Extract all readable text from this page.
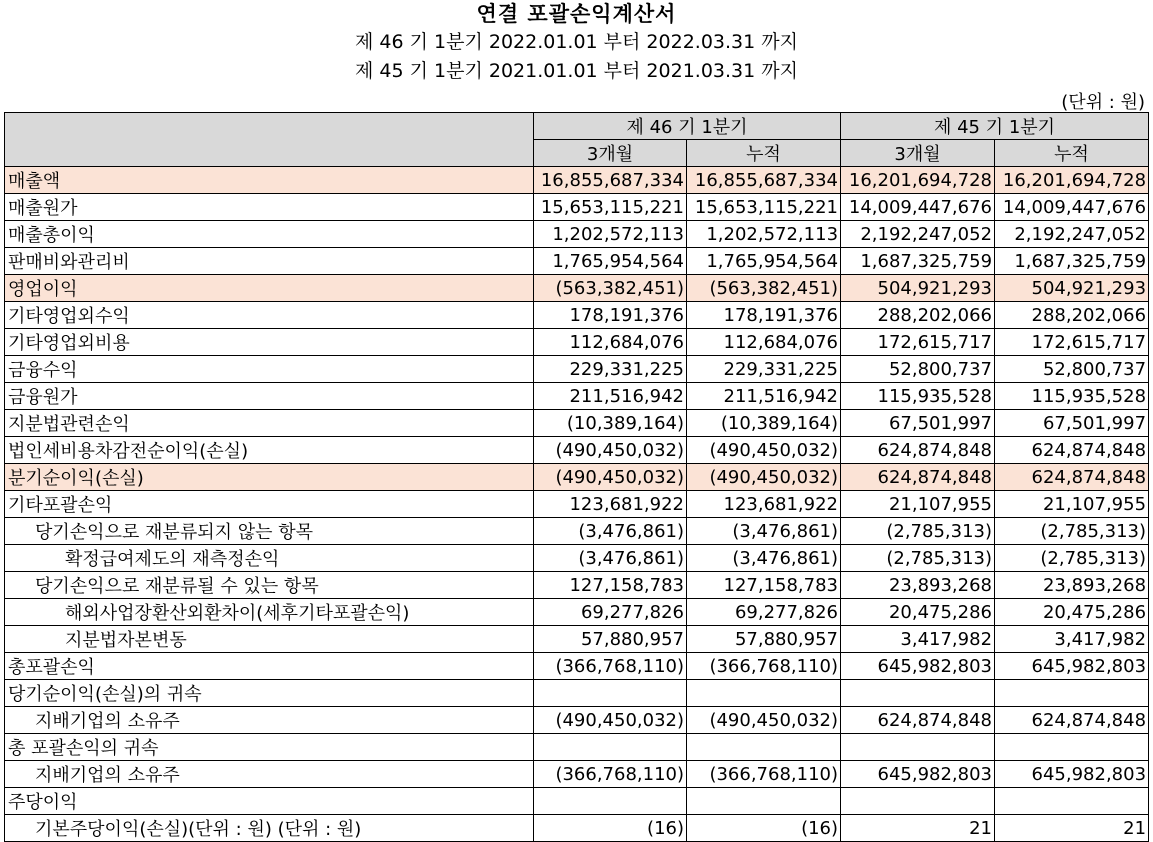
연결 포괄손익계산서
제 46 기 1분기 2022.01.01 부터 2022.03.31 까지
제 45 기 1분기 2021.01.01 부터 2021.03.31 까지
(단위 : 원)
	제 46 기 1분기		제 45 기 1분기	
	3개월	누적	3개월	누적
매출액	16,855,687,334	16,855,687,334	16,201,694,728	16,201,694,728
매출원가	15,653,115,221	15,653,115,221	14,009,447,676	14,009,447,676
매출총이익	1,202,572,113	1,202,572,113	2,192,247,052	2,192,247,052
판매비와관리비	1,765,954,564	1,765,954,564	1,687,325,759	1,687,325,759
영업이익	(563,382,451)	(563,382,451)	504,921,293	504,921,293
기타영업외수익	178,191,376	178,191,376	288,202,066	288,202,066
기타영업외비용	112,684,076	112,684,076	172,615,717	172,615,717
금융수익	229,331,225	229,331,225	52,800,737	52,800,737
금융원가	211,516,942	211,516,942	115,935,528	115,935,528
지분법관련손익	(10,389,164)	(10,389,164)	67,501,997	67,501,997
법인세비용차감전순이익(손실)	(490,450,032)	(490,450,032)	624,874,848	624,874,848
분기순이익(손실)	(490,450,032)	(490,450,032)	624,874,848	624,874,848
기타포괄손익	123,681,922	123,681,922	21,107,955	21,107,955
당기손익으로 재분류되지 않는 항목	(3,476,861)	(3,476,861)	(2,785,313)	(2,785,313)
확정급여제도의 재측정손익	(3,476,861)	(3,476,861)	(2,785,313)	(2,785,313)
당기손익으로 재분류될 수 있는 항목	127,158,783	127,158,783	23,893,268	23,893,268
해외사업장환산외환차이(세후기타포괄손익)	69,277,826	69,277,826	20,475,286	20,475,286
지분법자본변동	57,880,957	57,880,957	3,417,982	3,417,982
총포괄손익	(366,768,110)	(366,768,110)	645,982,803	645,982,803
당기순이익(손실)의 귀속				
지배기업의 소유주	(490,450,032)	(490,450,032)	624,874,848	624,874,848
총 포괄손익의 귀속				
지배기업의 소유주	(366,768,110)	(366,768,110)	645,982,803	645,982,803
주당이익				
기본주당이익(손실)(단위 : 원) (단위 : 원)	(16)	(16)	21	21
